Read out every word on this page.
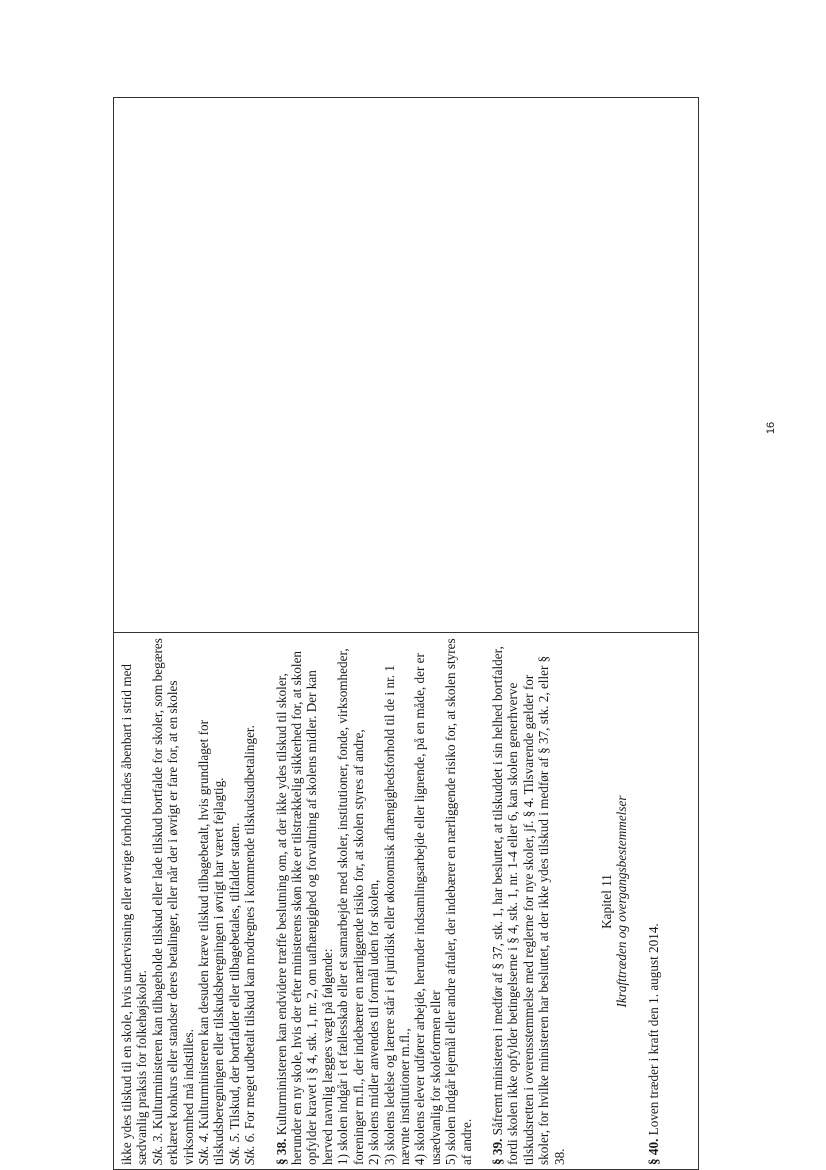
ikke ydes tilskud til en skole, hvis undervisning eller øvrige forhold findes åbenbart i strid med sædvanlig praksis for folkehøjskoler. Stk. 3. Kulturministeren kan tilbageholde tilskud eller lade tilskud bortfalde for skoler, som begæres erklæret konkurs eller standser deres betalinger, eller når der i øvrigt er fare for, at en skoles virksomhed må indstilles. Stk. 4. Kulturministeren kan desuden kræve tilskud tilbagebetalt, hvis grundlaget for tilskudsberegningen eller tilskudsberegningen i øvrigt har været fejlagtig. Stk. 5. Tilskud, der bortfalder eller tilbagebetales, tilfalder staten.

Stk. 6. For meget udbetalt tilskud kan modregnes i kommende tilskudsudbetalinger.

§ 38. Kulturministeren kan endvidere træffe beslutning om, at der ikke ydes tilskud til skoler, herunder en ny skole, hvis der efter ministerens skøn ikke er tilstrækkelig sikkerhed for, at skolen opfylder kravet i § 4, stk. 1, nr. 2, om uafhængighed og forvaltning af skolens midler. Der kan herved navnlig lægges vægt på følgende: 1) skolen indgår i et fællesskab eller et samarbejde med skoler, institutioner, fonde, virksomheder, foreninger m.fl., der indebærer en nærliggende risiko for, at skolen styres af andre, 2) skolens midler anvendes til formål uden for skolen, 3) skolens ledelse og lærere står i et juridisk eller økonomisk afhængighedsforhold til de i nr. 1 nævnte institutioner m.fl., 4) skolens elever udfører arbejde, herunder indsamlingsarbejde eller lignende, på en måde, der er usædvanlig for skoleformen eller 5) skolen indgår lejemål eller andre aftaler, der indebærer en nærliggende risiko for, at skolen styres af andre. § 39. Såfremt ministeren i medfør af § 37, stk. 1, har besluttet, at tilskuddet i sin helhed bortfalder, fordi skolen ikke opfylder betingelserne i § 4, stk. 1, nr. 1-4 eller 6, kan skolen generhverve tilskudsretten i overensstemmelse med reglerne for nye skoler, jf. § 4. Tilsvarende gælder for skoler, for hvilke ministeren har besluttet, at der ikke ydes tilskud i medfør af § 37, stk. 2, eller § 38.

Kapitel 11 Ikrafttræden og overgangsbestemmelser

§ 40. Loven træder i kraft den 1. august 2014.

16
